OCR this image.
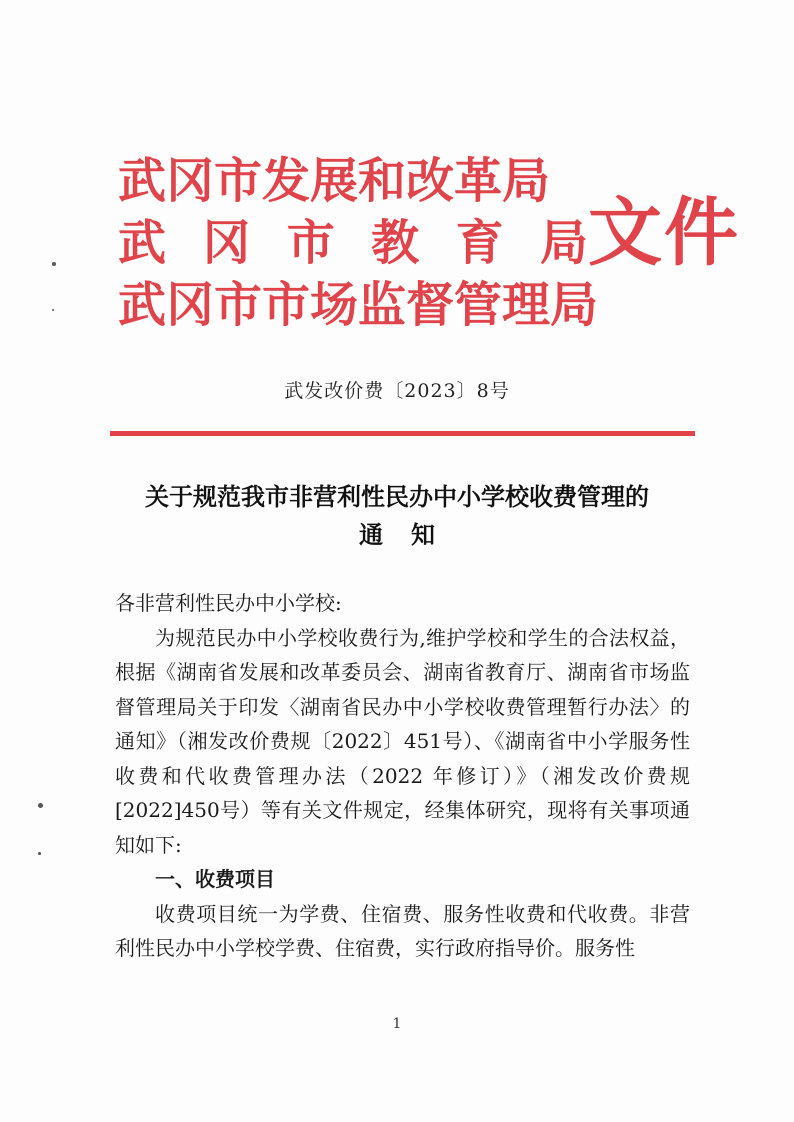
武冈市发展和改革局
武 冈 市 教 育 局
武冈市市场监督管理局
文件
武发改价费〔2023〕8号
关于规范我市非营利性民办中小学校收费管理的
通知

各非营利性民办中小学校:

为规范民办中小学校收费行为,维护学校和学生的合法权益，根据《湖南省发展和改革委员会、湖南省教育厅、湖南省市场监督管理局关于印发〈湖南省民办中小学校收费管理暂行办法〉的通知》（湘发改价费规〔2022〕451号）、《湖南省中小学服务性收费和代收费管理办法（2022 年修订）》（湘发改价费规[2022]450号）等有关文件规定，经集体研究，现将有关事项通知如下:

一、收费项目

收费项目统一为学费、住宿费、服务性收费和代收费。非营利性民办中小学校学费、住宿费，实行政府指导价。服务性

1
